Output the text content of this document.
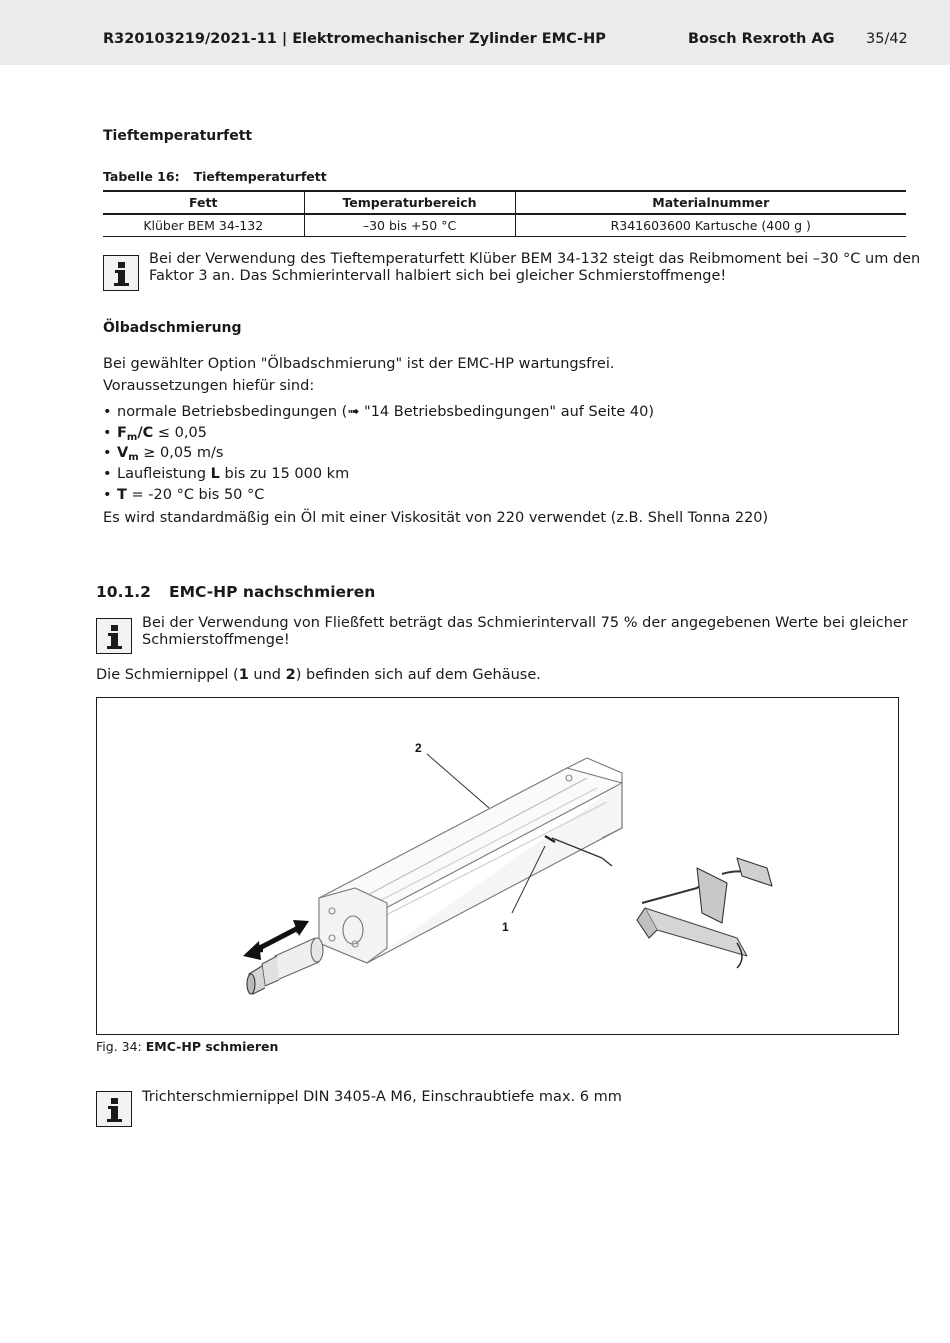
R320103219/2021-11 | Elektromechanischer Zylinder EMC-HP	Bosch Rexroth AG 35/42
Tieftemperaturfett
Tabelle 16: Tieftemperaturfett
Fett	Temperaturbereich	Materialnummer
Klüber BEM 34-132	–30 bis +50 °C	R341603600 Kartusche (400 g )
Bei der Verwendung des Tieftemperaturfett Klüber BEM 34-132 steigt das Reibmoment bei –30 °C um den
Faktor 3 an. Das Schmierintervall halbiert sich bei gleicher Schmierstoffmenge!
Ölbadschmierung
Bei gewählter Option "Ölbadschmierung" ist der EMC-HP wartungsfrei.
Voraussetzungen hiefür sind:
• normale Betriebsbedingungen (➟ "14 Betriebsbedingungen" auf Seite 40)
• $F_m/C \le 0,05$
• $V_m \ge 0,05$ m/s
• Laufleistung L bis zu 15 000 km
• T = -20 °C bis 50 °C
Es wird standardmäßig ein Öl mit einer Viskosität von 220 verwendet (z.B. Shell Tonna 220)
10.1.2 EMC-HP nachschmieren
Bei der Verwendung von Fließfett beträgt das Schmierintervall 75 % der angegebenen Werte bei gleicher
Schmierstoffmenge!
Die Schmiernippel (1 und 2) befinden sich auf dem Gehäuse.
2
1
Fig. 34: EMC-HP schmieren
Trichterschmiernippel DIN 3405-A M6, Einschraubtiefe max. 6 mm
